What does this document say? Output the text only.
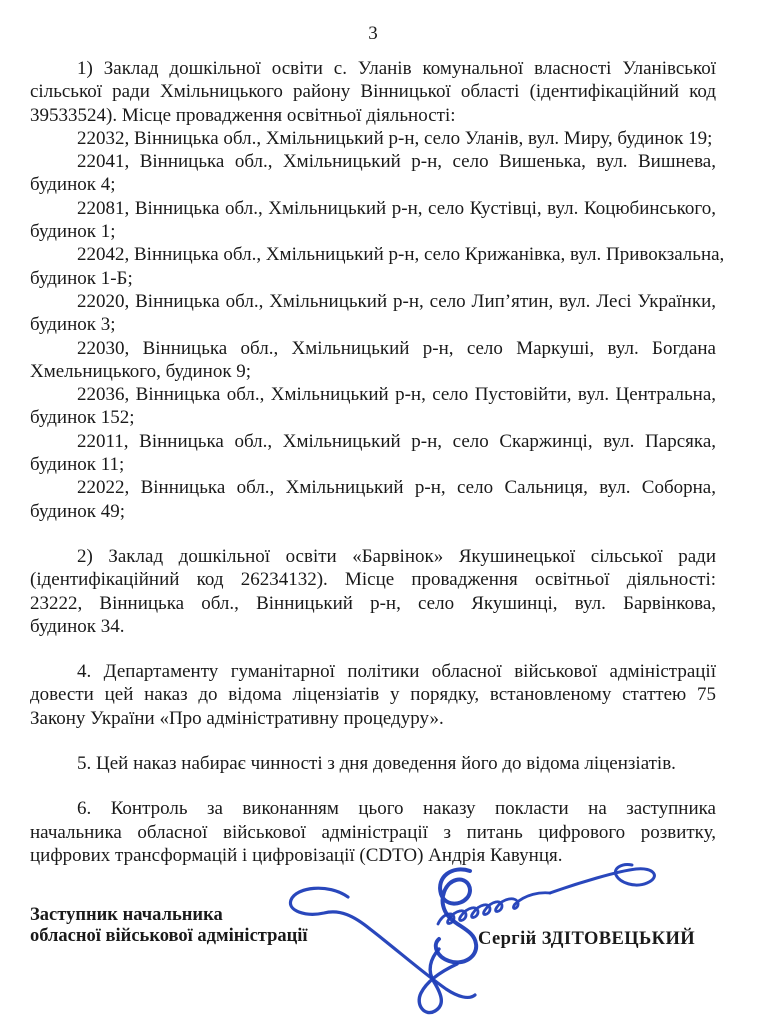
3
1) Заклад дошкільної освіти с. Уланів комунальної власності Уланівської
сільської ради Хмільницького району Вінницької області (ідентифікаційний код
39533524). Місце провадження освітньої діяльності:
22032, Вінницька обл., Хмільницький р-н, село Уланів, вул. Миру, будинок 19;
22041, Вінницька обл., Хмільницький р-н, село Вишенька, вул. Вишнева,
будинок 4;
22081, Вінницька обл., Хмільницький р-н, село Кустівці, вул. Коцюбинського,
будинок 1;
22042, Вінницька обл., Хмільницький р-н, село Крижанівка, вул. Привокзальна,
будинок 1-Б;
22020, Вінницька обл., Хмільницький р-н, село Лип’ятин, вул. Лесі Українки,
будинок 3;
22030, Вінницька обл., Хмільницький р-н, село Маркуші, вул. Богдана
Хмельницького, будинок 9;
22036, Вінницька обл., Хмільницький р-н, село Пустовійти, вул. Центральна,
будинок 152;
22011, Вінницька обл., Хмільницький р-н, село Скаржинці, вул. Парсяка,
будинок 11;
22022, Вінницька обл., Хмільницький р-н, село Сальниця, вул. Соборна,
будинок 49;
2) Заклад дошкільної освіти «Барвінок» Якушинецької сільської ради
(ідентифікаційний код 26234132). Місце провадження освітньої діяльності:
23222, Вінницька обл., Вінницький р-н, село Якушинці, вул. Барвінкова,
будинок 34.
4. Департаменту гуманітарної політики обласної військової адміністрації
довести цей наказ до відома ліцензіатів у порядку, встановленому статтею 75
Закону України «Про адміністративну процедуру».
5. Цей наказ набирає чинності з дня доведення його до відома ліцензіатів.
6. Контроль за виконанням цього наказу покласти на заступника
начальника обласної військової адміністрації з питань цифрового розвитку,
цифрових трансформацій і цифровізації (CDTO) Андрія Кавунця.
Заступник начальника
обласної військової адміністрації	Сергій ЗДІТОВЕЦЬКИЙ
